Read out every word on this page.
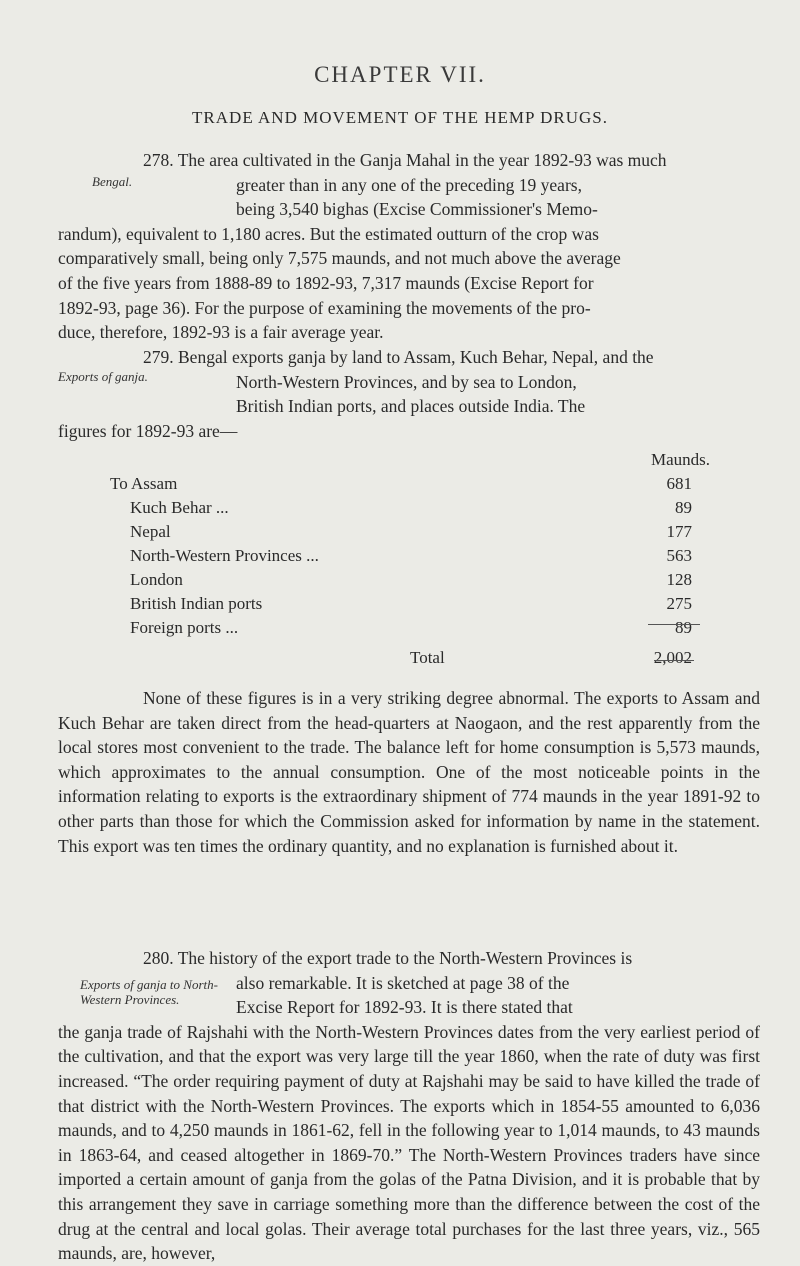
CHAPTER VII.
TRADE AND MOVEMENT OF THE HEMP DRUGS.
Bengal.

278. The area cultivated in the Ganja Mahal in the year 1892-93 was much

greater than in any one of the preceding 19 years,

being 3,540 bighas (Excise Commissioner's Memo-

randum), equivalent to 1,180 acres. But the estimated outturn of the crop was

comparatively small, being only 7,575 maunds, and not much above the average

of the five years from 1888-89 to 1892-93, 7,317 maunds (Excise Report for

1892-93, page 36). For the purpose of examining the movements of the pro-

duce, therefore, 1892-93 is a fair average year.

Exports of ganja.

279. Bengal exports ganja by land to Assam, Kuch Behar, Nepal, and the

North-Western Provinces, and by sea to London,

British Indian ports, and places outside India. The

figures for 1892-93 are—

Maunds.
To Assam	681
Kuch Behar ...	89
Nepal	177
North-Western Provinces ...	563
London	128
British Indian ports	275
Foreign ports ...	89
Total	2,002

None of these figures is in a very striking degree abnormal. The exports to Assam and Kuch Behar are taken direct from the head-quarters at Naogaon, and the rest apparently from the local stores most convenient to the trade. The balance left for home consumption is 5,573 maunds, which approximates to the annual consumption. One of the most noticeable points in the information relating to exports is the extraordinary shipment of 774 maunds in the year 1891-92 to other parts than those for which the Commission asked for information by name in the statement. This export was ten times the ordinary quantity, and no explanation is furnished about it.

Exports of ganja to North-Western Provinces.

280. The history of the export trade to the North-Western Provinces is

also remarkable. It is sketched at page 38 of the

Excise Report for 1892-93. It is there stated that

the ganja trade of Rajshahi with the North-Western Provinces dates from the very earliest period of the cultivation, and that the export was very large till the year 1860, when the rate of duty was first increased. “The order requiring payment of duty at Rajshahi may be said to have killed the trade of that district with the North-Western Provinces. The exports which in 1854-55 amounted to 6,036 maunds, and to 4,250 maunds in 1861-62, fell in the following year to 1,014 maunds, to 43 maunds in 1863-64, and ceased altogether in 1869-70.” The North-Western Provinces traders have since imported a certain amount of ganja from the golas of the Patna Division, and it is probable that by this arrangement they save in carriage something more than the difference between the cost of the drug at the central and local golas. Their average total purchases for the last three years, viz., 565 maunds, are, however,
